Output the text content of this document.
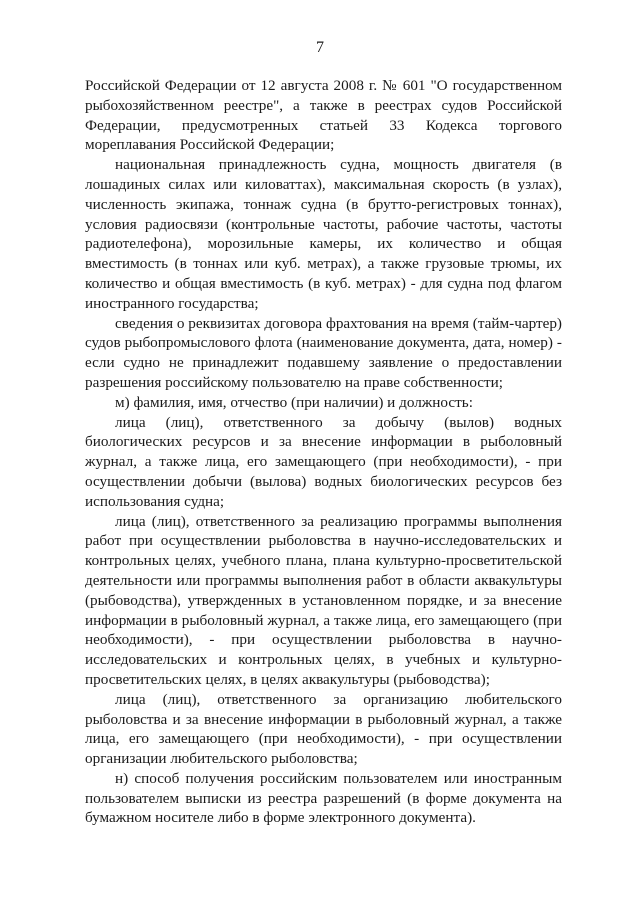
7

Российской Федерации от 12 августа 2008 г. № 601 "О государственном рыбохозяйственном реестре", а также в реестрах судов Российской Федерации, предусмотренных статьей 33 Кодекса торгового мореплавания Российской Федерации;

национальная принадлежность судна, мощность двигателя (в лошадиных силах или киловаттах), максимальная скорость (в узлах), численность экипажа, тоннаж судна (в брутто-регистровых тоннах), условия радиосвязи (контрольные частоты, рабочие частоты, частоты радиотелефона), морозильные камеры, их количество и общая вместимость (в тоннах или куб. метрах), а также грузовые трюмы, их количество и общая вместимость (в куб. метрах) - для судна под флагом иностранного государства;

сведения о реквизитах договора фрахтования на время (тайм-чартер) судов рыбопромыслового флота (наименование документа, дата, номер) - если судно не принадлежит подавшему заявление о предоставлении разрешения российскому пользователю на праве собственности;

м) фамилия, имя, отчество (при наличии) и должность:

лица (лиц), ответственного за добычу (вылов) водных биологических ресурсов и за внесение информации в рыболовный журнал, а также лица, его замещающего (при необходимости), - при осуществлении добычи (вылова) водных биологических ресурсов без использования судна;

лица (лиц), ответственного за реализацию программы выполнения работ при осуществлении рыболовства в научно-исследовательских и контрольных целях, учебного плана, плана культурно-просветительской деятельности или программы выполнения работ в области аквакультуры (рыбоводства), утвержденных в установленном порядке, и за внесение информации в рыболовный журнал, а также лица, его замещающего (при необходимости), - при осуществлении рыболовства в научно-исследовательских и контрольных целях, в учебных и культурно-просветительских целях, в целях аквакультуры (рыбоводства);

лица (лиц), ответственного за организацию любительского рыболовства и за внесение информации в рыболовный журнал, а также лица, его замещающего (при необходимости), - при осуществлении организации любительского рыболовства;

н) способ получения российским пользователем или иностранным пользователем выписки из реестра разрешений (в форме документа на бумажном носителе либо в форме электронного документа).
